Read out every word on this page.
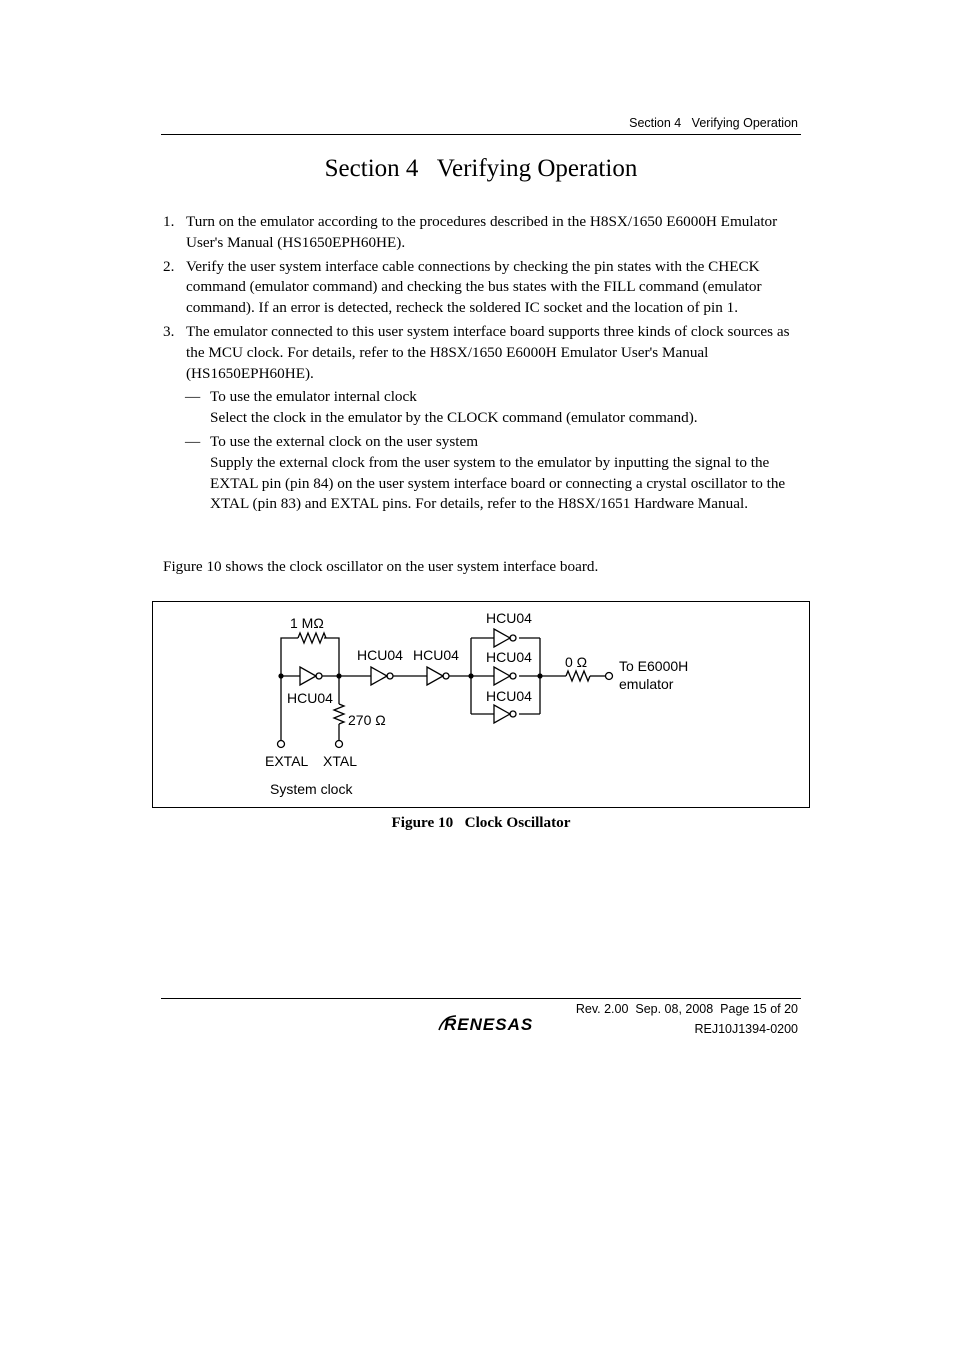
Section 4   Verifying Operation
Section 4   Verifying Operation
1. Turn on the emulator according to the procedures described in the H8SX/1650 E6000H Emulator User's Manual (HS1650EPH60HE).
2. Verify the user system interface cable connections by checking the pin states with the CHECK command (emulator command) and checking the bus states with the FILL command (emulator command). If an error is detected, recheck the soldered IC socket and the location of pin 1.
3. The emulator connected to this user system interface board supports three kinds of clock sources as the MCU clock. For details, refer to the H8SX/1650 E6000H Emulator User's Manual (HS1650EPH60HE).
— To use the emulator internal clock
Select the clock in the emulator by the CLOCK command (emulator command).
— To use the external clock on the user system
Supply the external clock from the user system to the emulator by inputting the signal to the EXTAL pin (pin 84) on the user system interface board or connecting a crystal oscillator to the XTAL (pin 83) and EXTAL pins. For details, refer to the H8SX/1651 Hardware Manual.
Figure 10 shows the clock oscillator on the user system interface board.
1 MΩ
HCU04
270 Ω
HCU04 HCU04
HCU04
HCU04
HCU04
0 Ω To E6000H
emulator
EXTAL XTAL
System clock
Figure 10   Clock Oscillator
RENESAS
Rev. 2.00  Sep. 08, 2008  Page 15 of 20
REJ10J1394-0200
